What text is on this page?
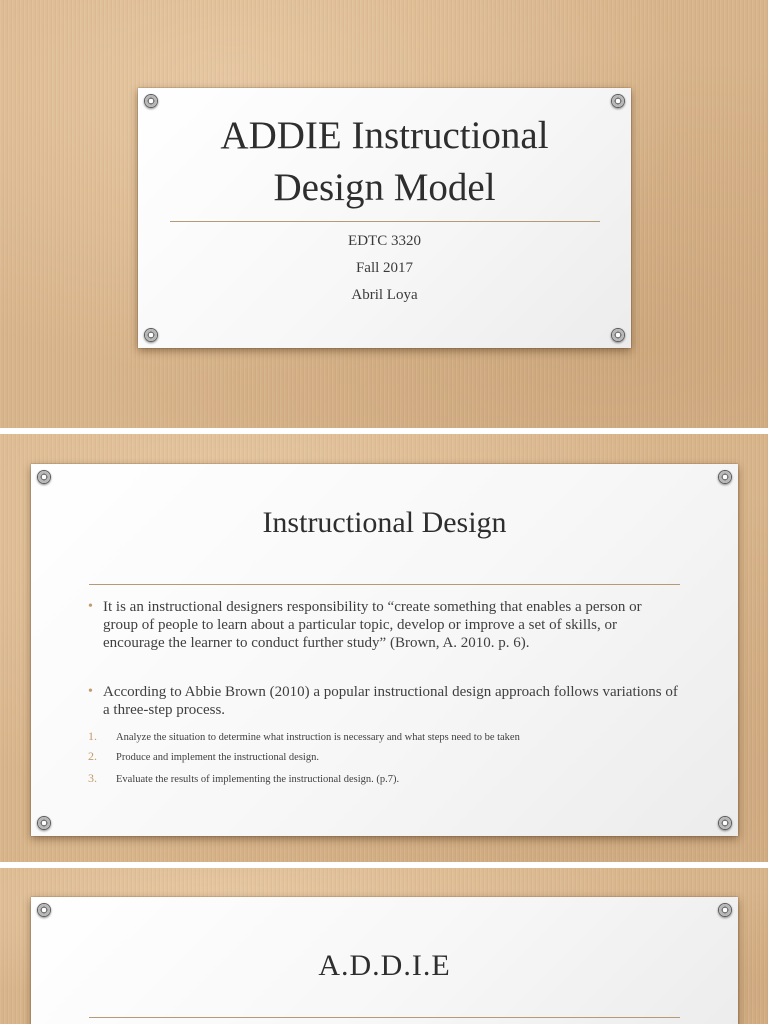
ADDIE Instructional
Design Model
EDTC 3320
Fall 2017
Abril Loya
Instructional Design
• It is an instructional designers responsibility to “create something that enables a person or group of people to learn about a particular topic, develop or improve a set of skills, or encourage the learner to conduct further study” (Brown, A. 2010. p. 6).
• According to Abbie Brown (2010) a popular instructional design approach follows variations of a three-step process.
1. Analyze the situation to determine what instruction is necessary and what steps need to be taken
2. Produce and implement the instructional design.
3. Evaluate the results of implementing the instructional design. (p.7).
A.D.D.I.E
